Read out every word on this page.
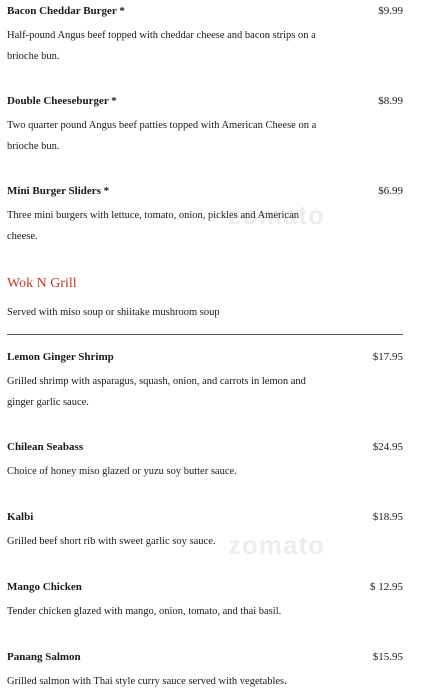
zomato
zomato
Bacon Cheddar Burger *	$9.99
Half-pound Angus beef topped with cheddar cheese and bacon strips on a brioche bun.
Double Cheeseburger *	$8.99
Two quarter pound Angus beef patties topped with American Cheese on a brioche bun.
Mini Burger Sliders *	$6.99
Three mini burgers with lettuce, tomato, onion, pickles and American cheese.
Wok N Grill
Served with miso soup or shiitake mushroom soup
Lemon Ginger Shrimp	$17.95
Grilled shrimp with asparagus, squash, onion, and carrots in lemon and ginger garlic sauce.
Chilean Seabass	$24.95
Choice of honey miso glazed or yuzu soy butter sauce.
Kalbi	$18.95
Grilled beef short rib with sweet garlic soy sauce.
Mango Chicken	$ 12.95
Tender chicken glazed with mango, onion, tomato, and thai basil.
Panang Salmon	$15.95
Grilled salmon with Thai style curry sauce served with vegetables.
